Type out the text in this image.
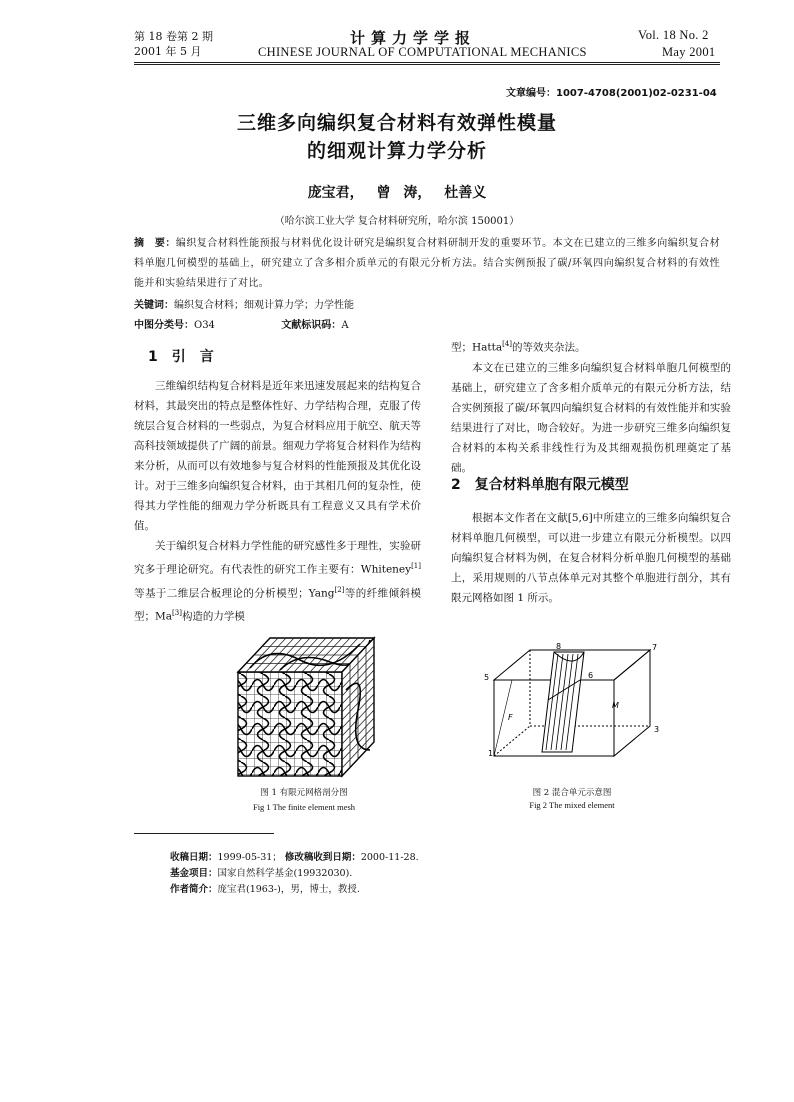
第 18 卷第 2 期
2001 年 5 月
计算力学学报
CHINESE JOURNAL OF COMPUTATIONAL MECHANICS
Vol. 18 No. 2
May 2001
文章编号：1007-4708(2001)02-0231-04
三维多向编织复合材料有效弹性模量
的细观计算力学分析
庞宝君， 曾 涛， 杜善义
（哈尔滨工业大学 复合材料研究所，哈尔滨 150001）
摘　要：编织复合材料性能预报与材料优化设计研究是编织复合材料研制开发的重要环节。本文在已建立的三维多向编织复合材料单胞几何模型的基础上，研究建立了含多相介质单元的有限元分析方法。结合实例预报了碳/环氧四向编织复合材料的有效性能并和实验结果进行了对比。
关键词：编织复合材料；细观计算力学；力学性能
中图分类号：O34	文献标识码：A
1　引　言

三维编织结构复合材料是近年来迅速发展起来的结构复合材料，其最突出的特点是整体性好、力学结构合理，克服了传统层合复合材料的一些弱点，为复合材料应用于航空、航天等高科技领域提供了广阔的前景。细观力学将复合材料作为结构来分析，从而可以有效地参与复合材料的性能预报及其优化设计。对于三维多向编织复合材料，由于其相几何的复杂性，使得其力学性能的细观力学分析既具有工程意义又具有学术价值。

关于编织复合材料力学性能的研究感性多于理性，实验研究多于理论研究。有代表性的研究工作主要有：Whiteney[1]等基于二维层合板理论的分析模型；Yang[2]等的纤维倾斜模型；Ma[3]构造的力学模

型；Hatta[4]的等效夹杂法。

本文在已建立的三维多向编织复合材料单胞几何模型的基础上，研究建立了含多相介质单元的有限元分析方法，结合实例预报了碳/环氧四向编织复合材料的有效性能并和实验结果进行了对比，吻合较好。为进一步研究三维多向编织复合材料的本构关系非线性行为及其细观损伤机理奠定了基础。

2　复合材料单胞有限元模型

根据本文作者在文献[5,6]中所建立的三维多向编织复合材料单胞几何模型，可以进一步建立有限元分析模型。以四向编织复合材料为例，在复合材料分析单胞几何模型的基础上，采用规则的八节点体单元对其整个单胞进行剖分，其有限元网格如图 1 所示。

图 1 有限元网格剖分图
Fig 1 The finite element mesh
1
3
5	6
7
8
F
M
图 2 混合单元示意图
Fig 2 The mixed element
收稿日期：1999-05-31； 修改稿收到日期：2000-11-28.
基金项目：国家自然科学基金(19932030).
作者简介：庞宝君(1963-)，男，博士，教授.
